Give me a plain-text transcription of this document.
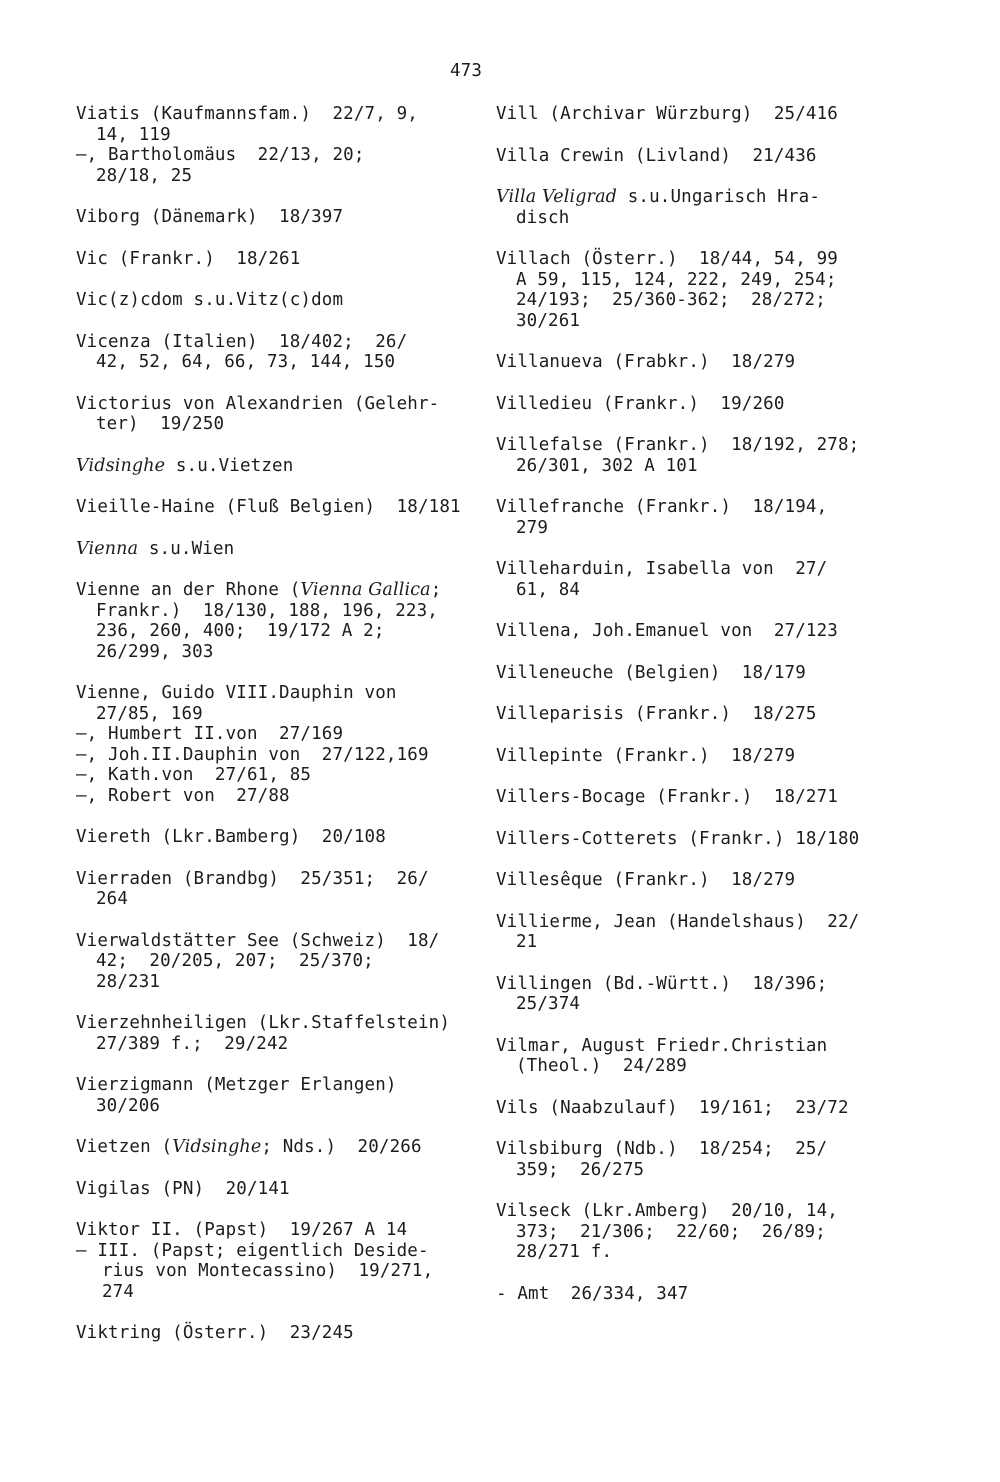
473
Viatis (Kaufmannsfam.)  22/7, 9,
14, 119
—, Bartholomäus  22/13, 20;
28/18, 25
Viborg (Dänemark)  18/397
Vic (Frankr.)  18/261
Vic(z)cdom s.u.Vitz(c)dom
Vicenza (Italien)  18/402;  26/
42, 52, 64, 66, 73, 144, 150
Victorius von Alexandrien (Gelehr-
ter)  19/250
Vidsinghe s.u.Vietzen
Vieille-Haine (Fluß Belgien)  18/181
Vienna s.u.Wien
Vienne an der Rhone (Vienna Gallica;
Frankr.)  18/130, 188, 196, 223,
236, 260, 400;  19/172 A 2;
26/299, 303
Vienne, Guido VIII.Dauphin von
27/85, 169
—, Humbert II.von  27/169
—, Joh.II.Dauphin von  27/122,169
—, Kath.von  27/61, 85
—, Robert von  27/88
Viereth (Lkr.Bamberg)  20/108
Vierraden (Brandbg)  25/351;  26/
264
Vierwaldstätter See (Schweiz)  18/
42;  20/205, 207;  25/370;
28/231
Vierzehnheiligen (Lkr.Staffelstein)
27/389 f.;  29/242
Vierzigmann (Metzger Erlangen)
30/206
Vietzen (Vidsinghe; Nds.)  20/266
Vigilas (PN)  20/141
Viktor II. (Papst)  19/267 A 14
— III. (Papst; eigentlich Deside-
rius von Montecassino)  19/271,
274
Viktring (Österr.)  23/245
Vill (Archivar Würzburg)  25/416
Villa Crewin (Livland)  21/436
Villa Veligrad s.u.Ungarisch Hra-
disch
Villach (Österr.)  18/44, 54, 99
A 59, 115, 124, 222, 249, 254;
24/193;  25/360-362;  28/272;
30/261
Villanueva (Frabkr.)  18/279
Villedieu (Frankr.)  19/260
Villefalse (Frankr.)  18/192, 278;
26/301, 302 A 101
Villefranche (Frankr.)  18/194,
279
Villeharduin, Isabella von  27/
61, 84
Villena, Joh.Emanuel von  27/123
Villeneuche (Belgien)  18/179
Villeparisis (Frankr.)  18/275
Villepinte (Frankr.)  18/279
Villers-Bocage (Frankr.)  18/271
Villers-Cotterets (Frankr.) 18/180
Villesêque (Frankr.)  18/279
Villierme, Jean (Handelshaus)  22/
21
Villingen (Bd.-Württ.)  18/396;
25/374
Vilmar, August Friedr.Christian
(Theol.)  24/289
Vils (Naabzulauf)  19/161;  23/72
Vilsbiburg (Ndb.)  18/254;  25/
359;  26/275
Vilseck (Lkr.Amberg)  20/10, 14,
373;  21/306;  22/60;  26/89;
28/271 f.
- Amt  26/334, 347
